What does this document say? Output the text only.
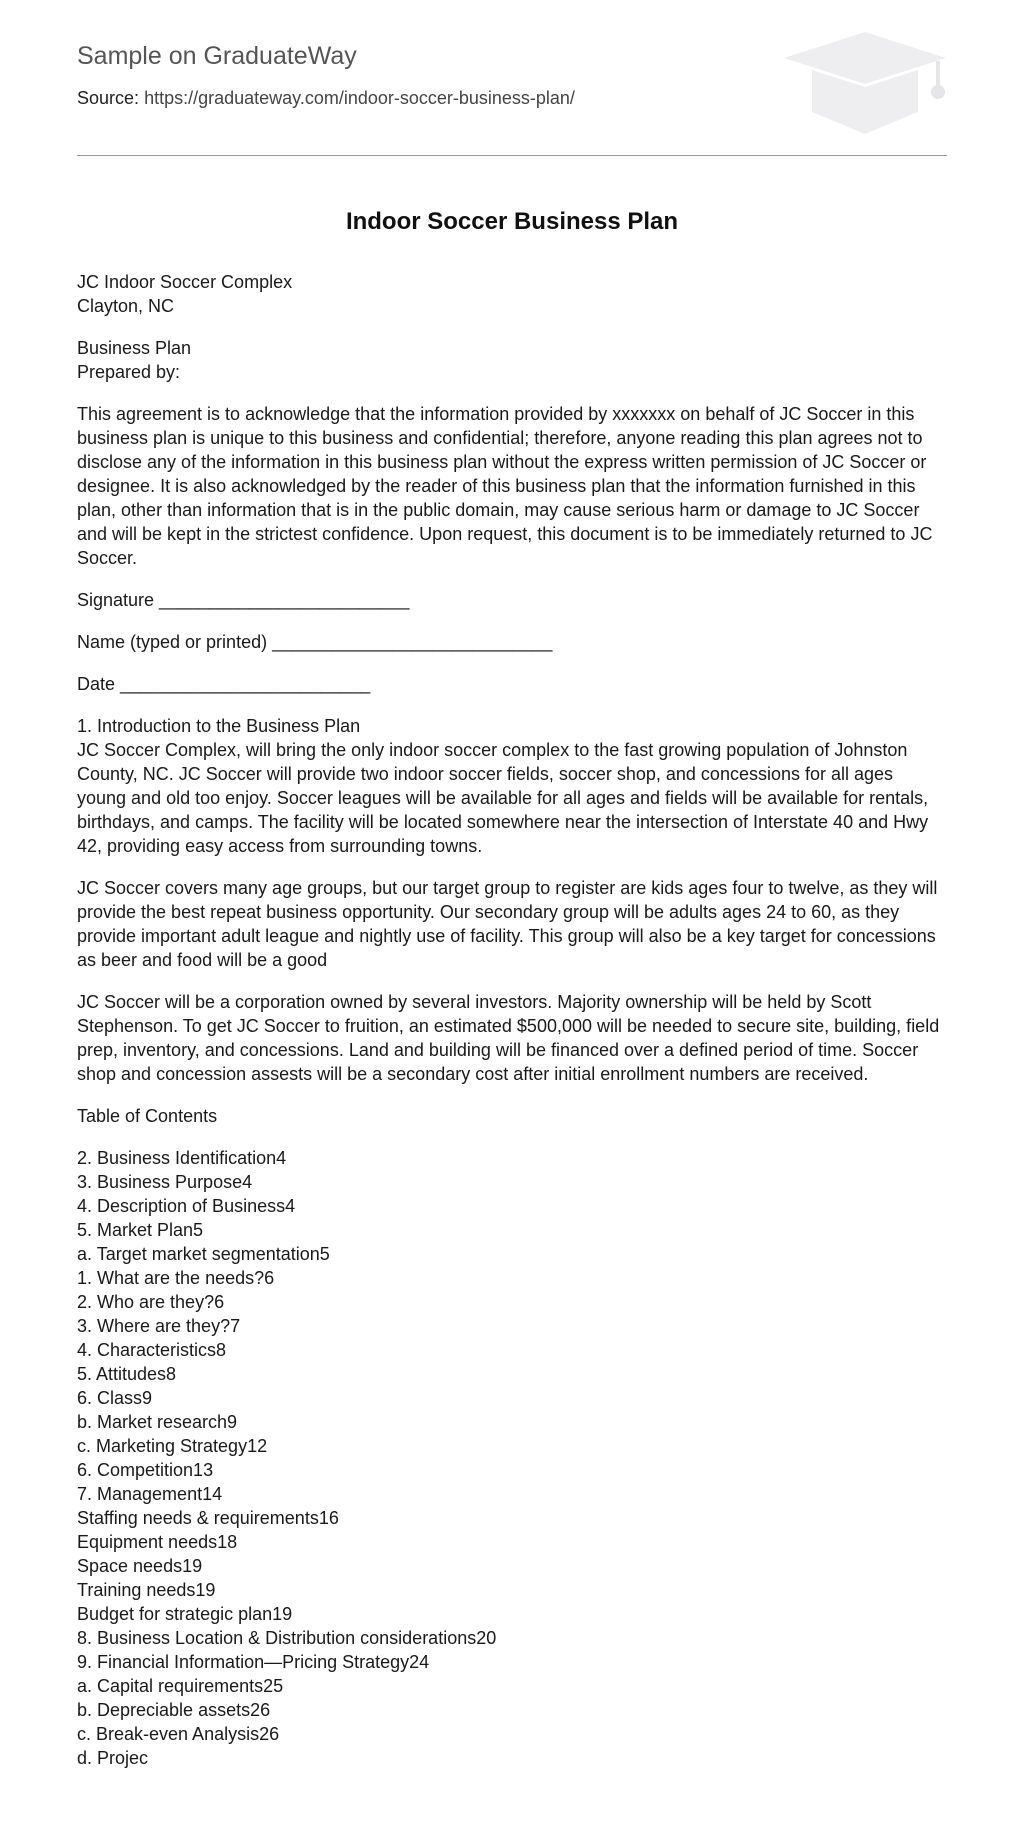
Sample on GraduateWay
Source: https://graduateway.com/indoor-soccer-business-plan/
Indoor Soccer Business Plan

JC Indoor Soccer Complex
Clayton, NC

Business Plan
Prepared by:

This agreement is to acknowledge that the information provided by xxxxxxx on behalf of JC Soccer in this business plan is unique to this business and confidential; therefore, anyone reading this plan agrees not to disclose any of the information in this business plan without the express written permission of JC Soccer or designee. It is also acknowledged by the reader of this business plan that the information furnished in this plan, other than information that is in the public domain, may cause serious harm or damage to JC Soccer and will be kept in the strictest confidence. Upon request, this document is to be immediately returned to JC Soccer.

Signature _________________________

Name (typed or printed) ____________________________

Date _________________________

1. Introduction to the Business Plan
JC Soccer Complex, will bring the only indoor soccer complex to the fast growing population of Johnston County, NC. JC Soccer will provide two indoor soccer fields, soccer shop, and concessions for all ages young and old too enjoy. Soccer leagues will be available for all ages and fields will be available for rentals, birthdays, and camps. The facility will be located somewhere near the intersection of Interstate 40 and Hwy 42, providing easy access from surrounding towns.

JC Soccer covers many age groups, but our target group to register are kids ages four to twelve, as they will provide the best repeat business opportunity. Our secondary group will be adults ages 24 to 60, as they provide important adult league and nightly use of facility. This group will also be a key target for concessions as beer and food will be a good

JC Soccer will be a corporation owned by several investors. Majority ownership will be held by Scott Stephenson. To get JC Soccer to fruition, an estimated $500,000 will be needed to secure site, building, field prep, inventory, and concessions. Land and building will be financed over a defined period of time. Soccer shop and concession assests will be a secondary cost after initial enrollment numbers are received.

Table of Contents

2. Business Identification4
3. Business Purpose4
4. Description of Business4
5. Market Plan5
a. Target market segmentation5
1. What are the needs?6
2. Who are they?6
3. Where are they?7
4. Characteristics8
5. Attitudes8
6. Class9
b. Market research9
c. Marketing Strategy12
6. Competition13
7. Management14
Staffing needs & requirements16
Equipment needs18
Space needs19
Training needs19
Budget for strategic plan19
8. Business Location & Distribution considerations20
9. Financial Information—Pricing Strategy24
a. Capital requirements25
b. Depreciable assets26
c. Break-even Analysis26
d. Projec
